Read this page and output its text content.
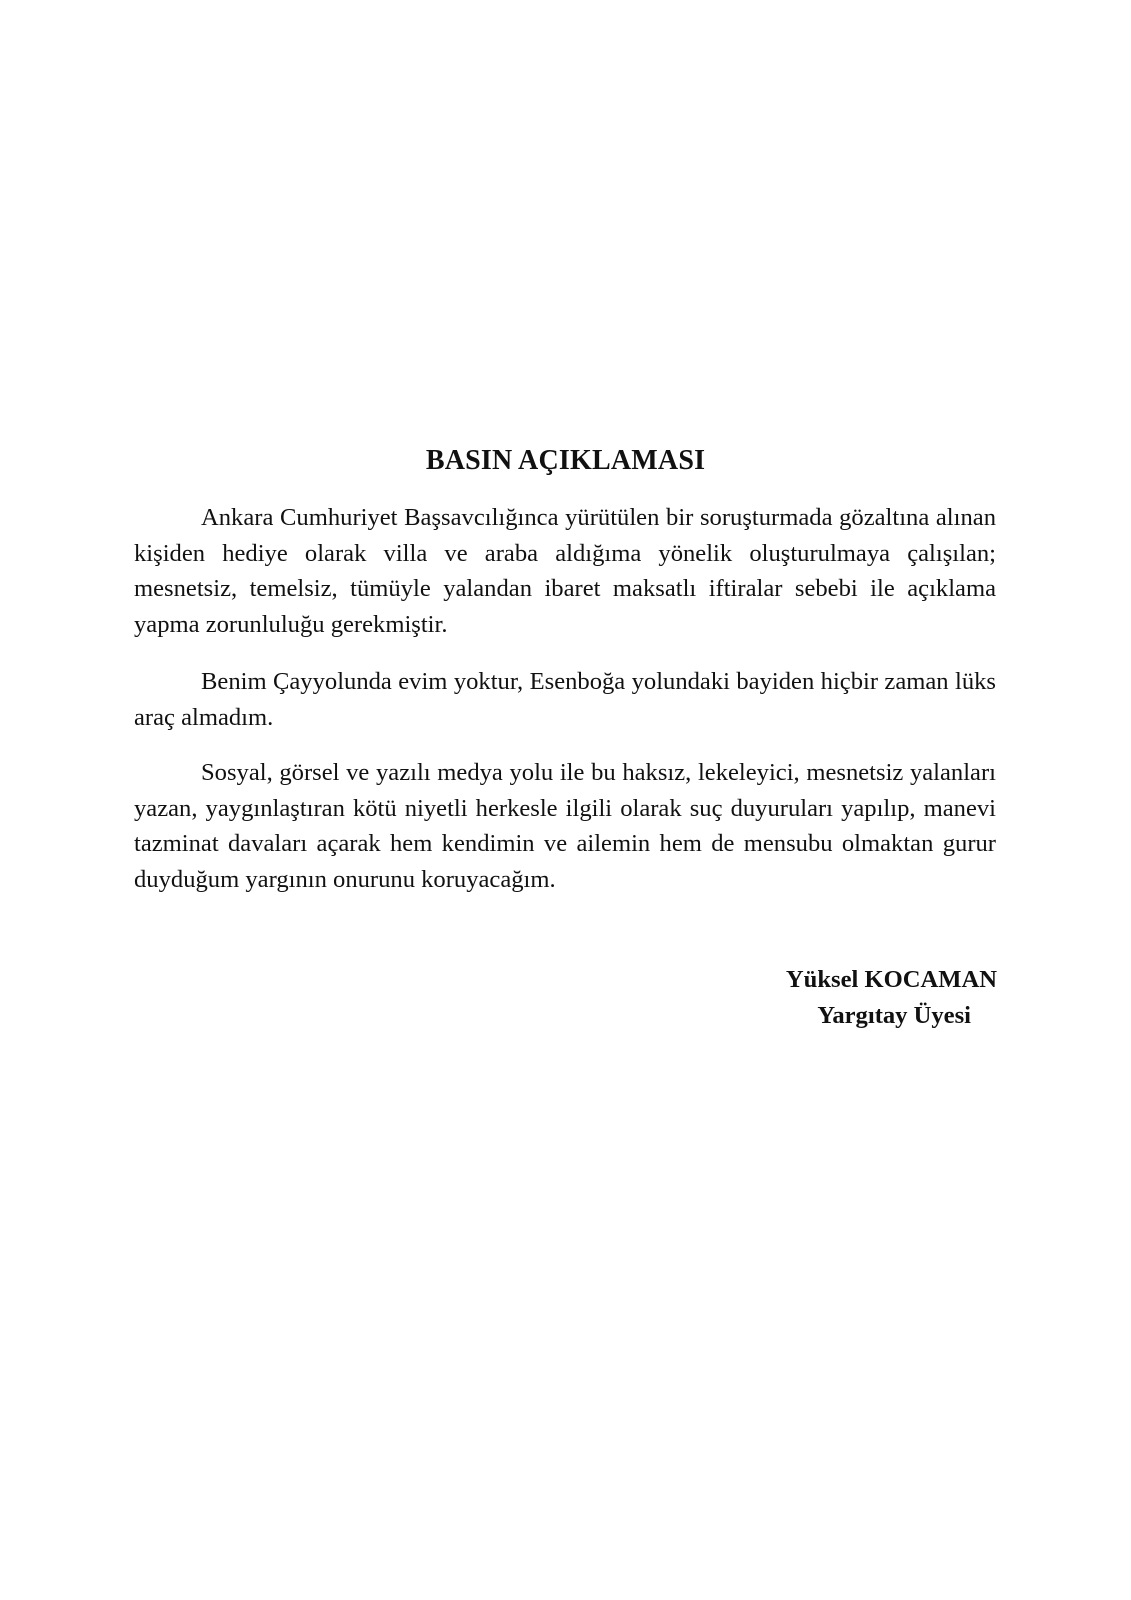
BASIN AÇIKLAMASI

Ankara Cumhuriyet Başsavcılığınca yürütülen bir soruşturmada gözaltına alınan kişiden hediye olarak villa ve araba aldığıma yönelik oluşturulmaya çalışılan; mesnetsiz, temelsiz, tümüyle yalandan ibaret maksatlı iftiralar sebebi ile açıklama yapma zorunluluğu gerekmiştir.

Benim Çayyolunda evim yoktur, Esenboğa yolundaki bayiden hiçbir zaman lüks araç almadım.

Sosyal, görsel ve yazılı medya yolu ile bu haksız, lekeleyici, mesnetsiz yalanları yazan, yaygınlaştıran kötü niyetli herkesle ilgili olarak suç duyuruları yapılıp, manevi tazminat davaları açarak hem kendimin ve ailemin hem de mensubu olmaktan gurur duyduğum yargının onurunu koruyacağım.

Yüksel KOCAMAN
Yargıtay Üyesi
